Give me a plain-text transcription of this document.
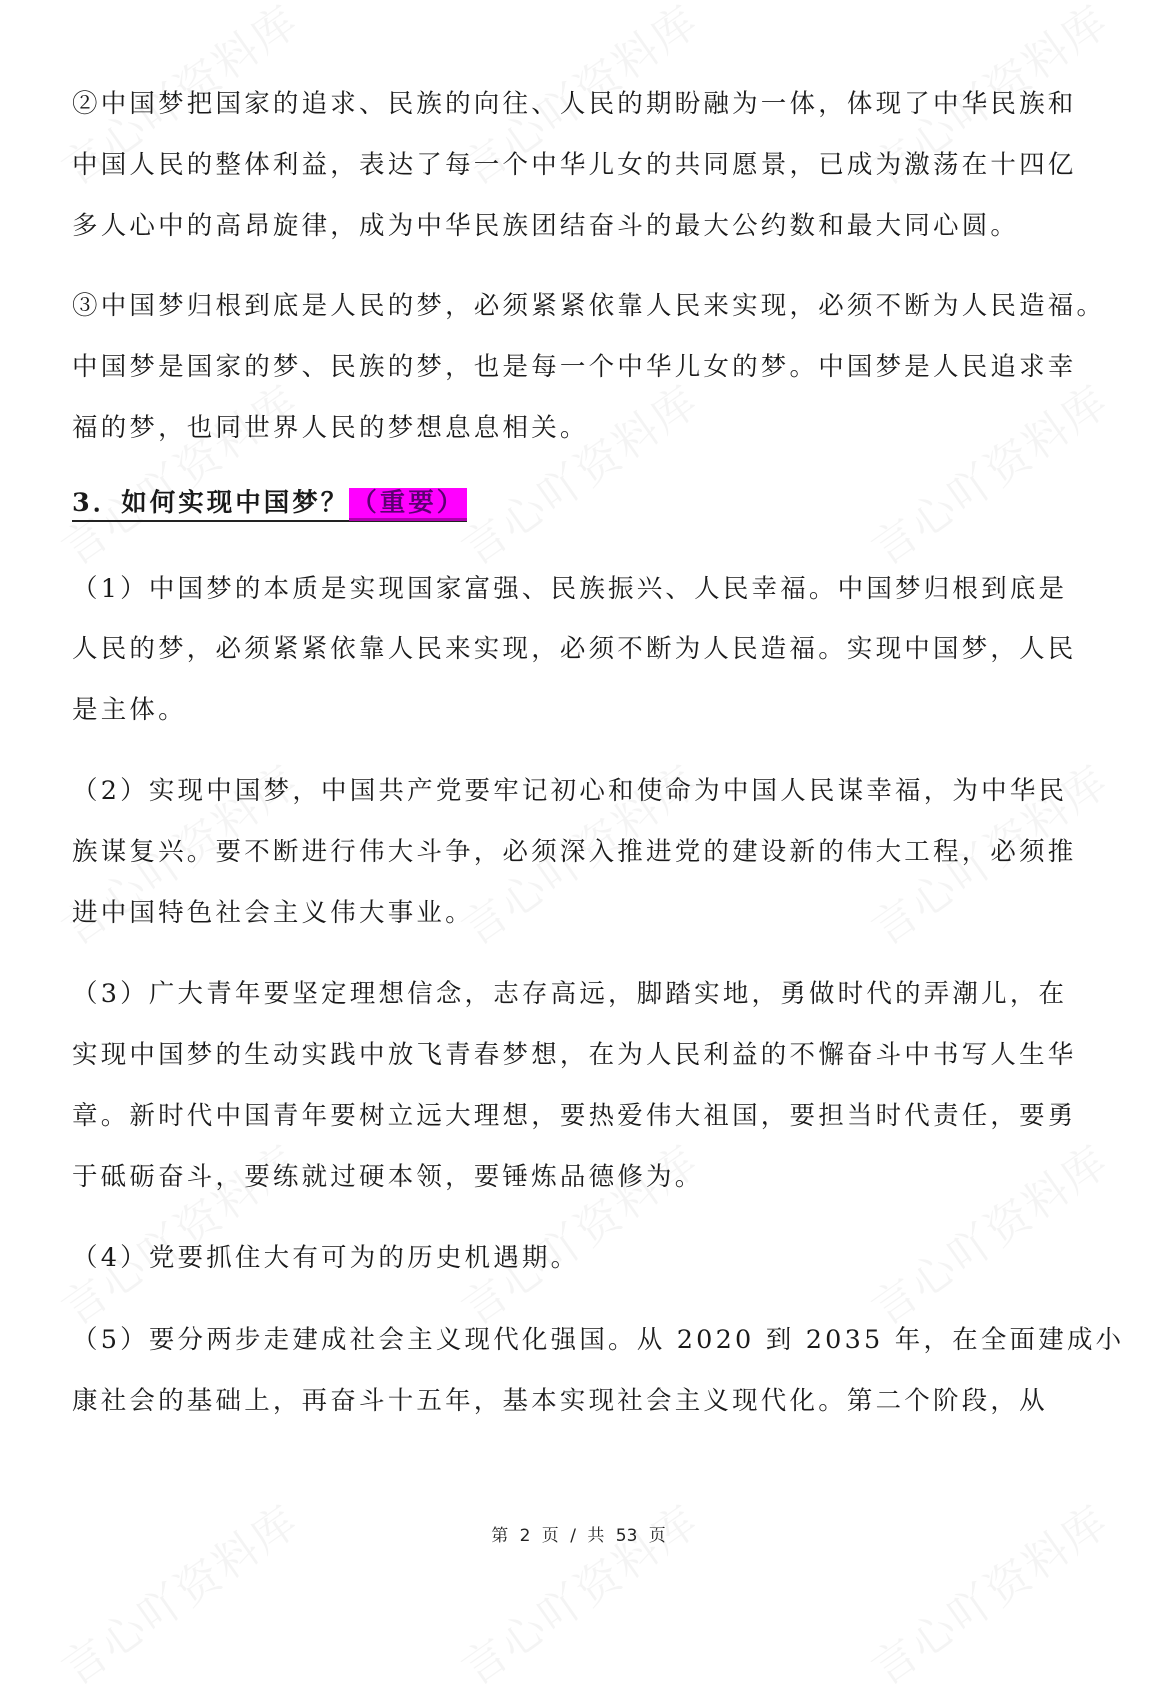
②中国梦把国家的追求、民族的向往、人民的期盼融为一体，体现了中华民族和
中国人民的整体利益，表达了每一个中华儿女的共同愿景，已成为激荡在十四亿
多人心中的高昂旋律，成为中华民族团结奋斗的最大公约数和最大同心圆。
③中国梦归根到底是人民的梦，必须紧紧依靠人民来实现，必须不断为人民造福。
中国梦是国家的梦、民族的梦，也是每一个中华儿女的梦。中国梦是人民追求幸
福的梦，也同世界人民的梦想息息相关。
3．如何实现中国梦？（重要）
（1）中国梦的本质是实现国家富强、民族振兴、人民幸福。中国梦归根到底是
人民的梦，必须紧紧依靠人民来实现，必须不断为人民造福。实现中国梦，人民
是主体。
（2）实现中国梦，中国共产党要牢记初心和使命为中国人民谋幸福，为中华民
族谋复兴。要不断进行伟大斗争，必须深入推进党的建设新的伟大工程，必须推
进中国特色社会主义伟大事业。
（3）广大青年要坚定理想信念，志存高远，脚踏实地，勇做时代的弄潮儿，在
实现中国梦的生动实践中放飞青春梦想，在为人民利益的不懈奋斗中书写人生华
章。新时代中国青年要树立远大理想，要热爱伟大祖国，要担当时代责任，要勇
于砥砺奋斗，要练就过硬本领，要锤炼品德修为。
（4）党要抓住大有可为的历史机遇期。
（5）要分两步走建成社会主义现代化强国。从 2020 到 2035 年，在全面建成小
康社会的基础上，再奋斗十五年，基本实现社会主义现代化。第二个阶段，从
第 2 页 / 共 53 页
